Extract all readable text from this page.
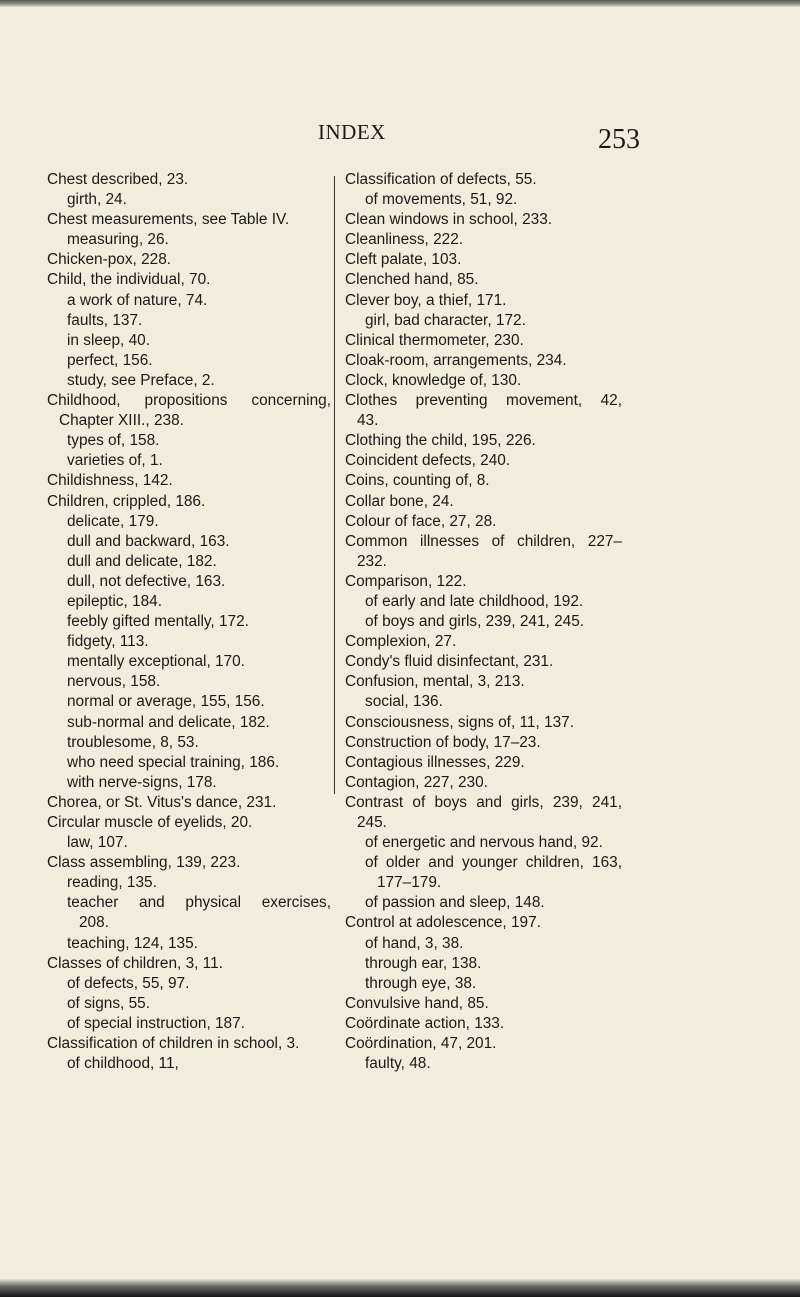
INDEX	253
Chest described, 23.
girth, 24.
Chest measurements, see Table IV.
measuring, 26.
Chicken-pox, 228.
Child, the individual, 70.
a work of nature, 74.
faults, 137.
in sleep, 40.
perfect, 156.
study, see Preface, 2.
Childhood, propositions concerning,
Chapter XIII., 238.
types of, 158.
varieties of, 1.
Childishness, 142.
Children, crippled, 186.
delicate, 179.
dull and backward, 163.
dull and delicate, 182.
dull, not defective, 163.
epileptic, 184.
feebly gifted mentally, 172.
fidgety, 113.
mentally exceptional, 170.
nervous, 158.
normal or average, 155, 156.
sub-normal and delicate, 182.
troublesome, 8, 53.
who need special training, 186.
with nerve-signs, 178.
Chorea, or St. Vitus's dance, 231.
Circular muscle of eyelids, 20.
law, 107.
Class assembling, 139, 223.
reading, 135.
teacher and physical exercises,
208.
teaching, 124, 135.
Classes of children, 3, 11.
of defects, 55, 97.
of signs, 55.
of special instruction, 187.
Classification of children in school, 3.
of childhood, 11,
Classification of defects, 55.
of movements, 51, 92.
Clean windows in school, 233.
Cleanliness, 222.
Cleft palate, 103.
Clenched hand, 85.
Clever boy, a thief, 171.
girl, bad character, 172.
Clinical thermometer, 230.
Cloak-room, arrangements, 234.
Clock, knowledge of, 130.
Clothes preventing movement, 42,
43.
Clothing the child, 195, 226.
Coincident defects, 240.
Coins, counting of, 8.
Collar bone, 24.
Colour of face, 27, 28.
Common illnesses of children, 227–
232.
Comparison, 122.
of early and late childhood, 192.
of boys and girls, 239, 241, 245.
Complexion, 27.
Condy's fluid disinfectant, 231.
Confusion, mental, 3, 213.
social, 136.
Consciousness, signs of, 11, 137.
Construction of body, 17–23.
Contagious illnesses, 229.
Contagion, 227, 230.
Contrast of boys and girls, 239, 241,
245.
of energetic and nervous hand, 92.
of older and younger children, 163,
177–179.
of passion and sleep, 148.
Control at adolescence, 197.
of hand, 3, 38.
through ear, 138.
through eye, 38.
Convulsive hand, 85.
Coördinate action, 133.
Coördination, 47, 201.
faulty, 48.
